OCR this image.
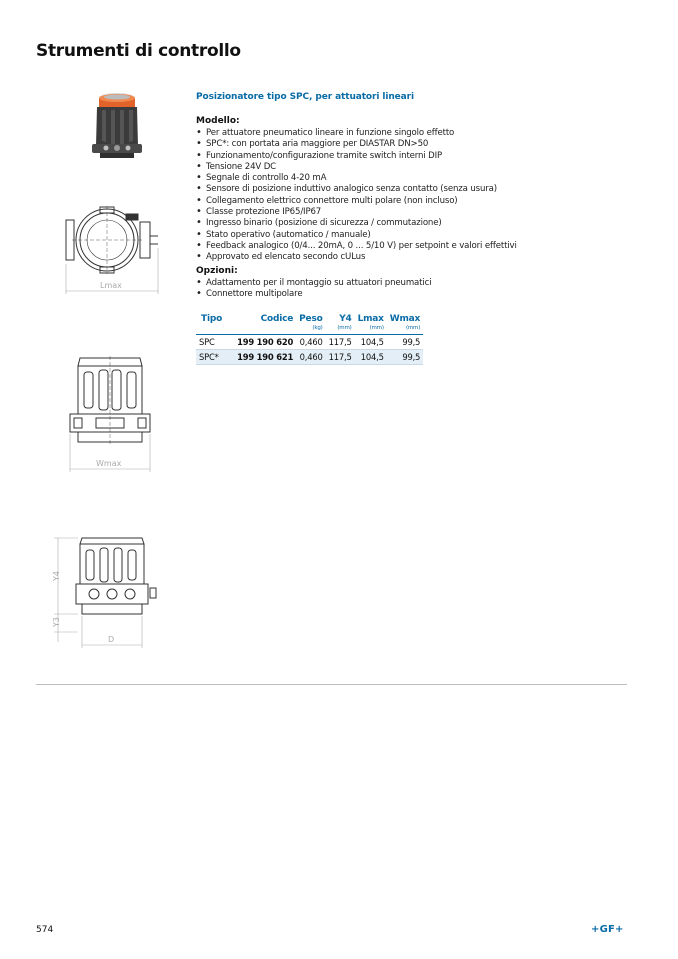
Strumenti di controllo
Lmax
Wmax
Y4
Y3
D
Posizionatore tipo SPC, per attuatori lineari
Modello:
• Per attuatore pneumatico lineare in funzione singolo effetto
• SPC*: con portata aria maggiore per DIASTAR DN>50
• Funzionamento/configurazione tramite switch interni DIP
• Tensione 24V DC
• Segnale di controllo 4-20 mA
• Sensore di posizione induttivo analogico senza contatto (senza usura)
• Collegamento elettrico connettore multi polare (non incluso)
• Classe protezione IP65/IP67
• Ingresso binario (posizione di sicurezza / commutazione)
• Stato operativo (automatico / manuale)
• Feedback analogico (0/4... 20mA, 0 ... 5/10 V) per setpoint e valori effettivi
• Approvato ed elencato secondo cULus
Opzioni:
• Adattamento per il montaggio su attuatori pneumatici
• Connettore multipolare
Tipo	Codice	Peso	Y4	Lmax	Wmax
		(kg)	(mm)	(mm)	(mm)
SPC	199 190 620	0,460	117,5	104,5	99,5
SPC*	199 190 621	0,460	117,5	104,5	99,5
574	+GF+
